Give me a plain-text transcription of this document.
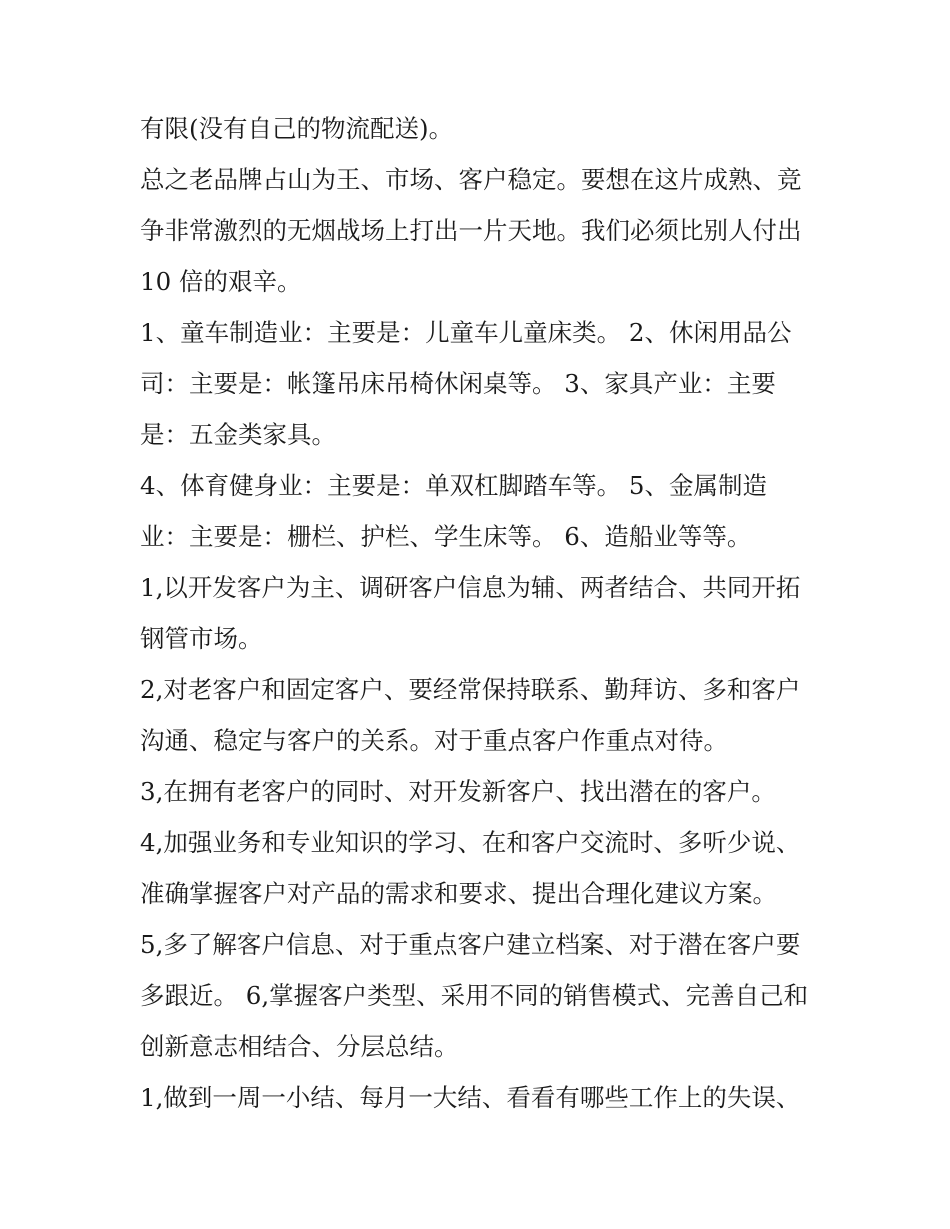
有限(没有自己的物流配送)。
总之老品牌占山为王、市场、客户稳定。要想在这片成熟、竞
争非常激烈的无烟战场上打出一片天地。我们必须比别人付出
10 倍的艰辛。
1、童车制造业：主要是：儿童车儿童床类。 2、休闲用品公
司：主要是：帐篷吊床吊椅休闲桌等。 3、家具产业：主要
是：五金类家具。
4、体育健身业：主要是：单双杠脚踏车等。 5、金属制造
业：主要是：栅栏、护栏、学生床等。 6、造船业等等。
1,以开发客户为主、调研客户信息为辅、两者结合、共同开拓
钢管市场。
2,对老客户和固定客户、要经常保持联系、勤拜访、多和客户
沟通、稳定与客户的关系。对于重点客户作重点对待。
3,在拥有老客户的同时、对开发新客户、找出潜在的客户。
4,加强业务和专业知识的学习、在和客户交流时、多听少说、
准确掌握客户对产品的需求和要求、提出合理化建议方案。
5,多了解客户信息、对于重点客户建立档案、对于潜在客户要
多跟近。 6,掌握客户类型、采用不同的销售模式、完善自己和
创新意志相结合、分层总结。
1,做到一周一小结、每月一大结、看看有哪些工作上的失误、
